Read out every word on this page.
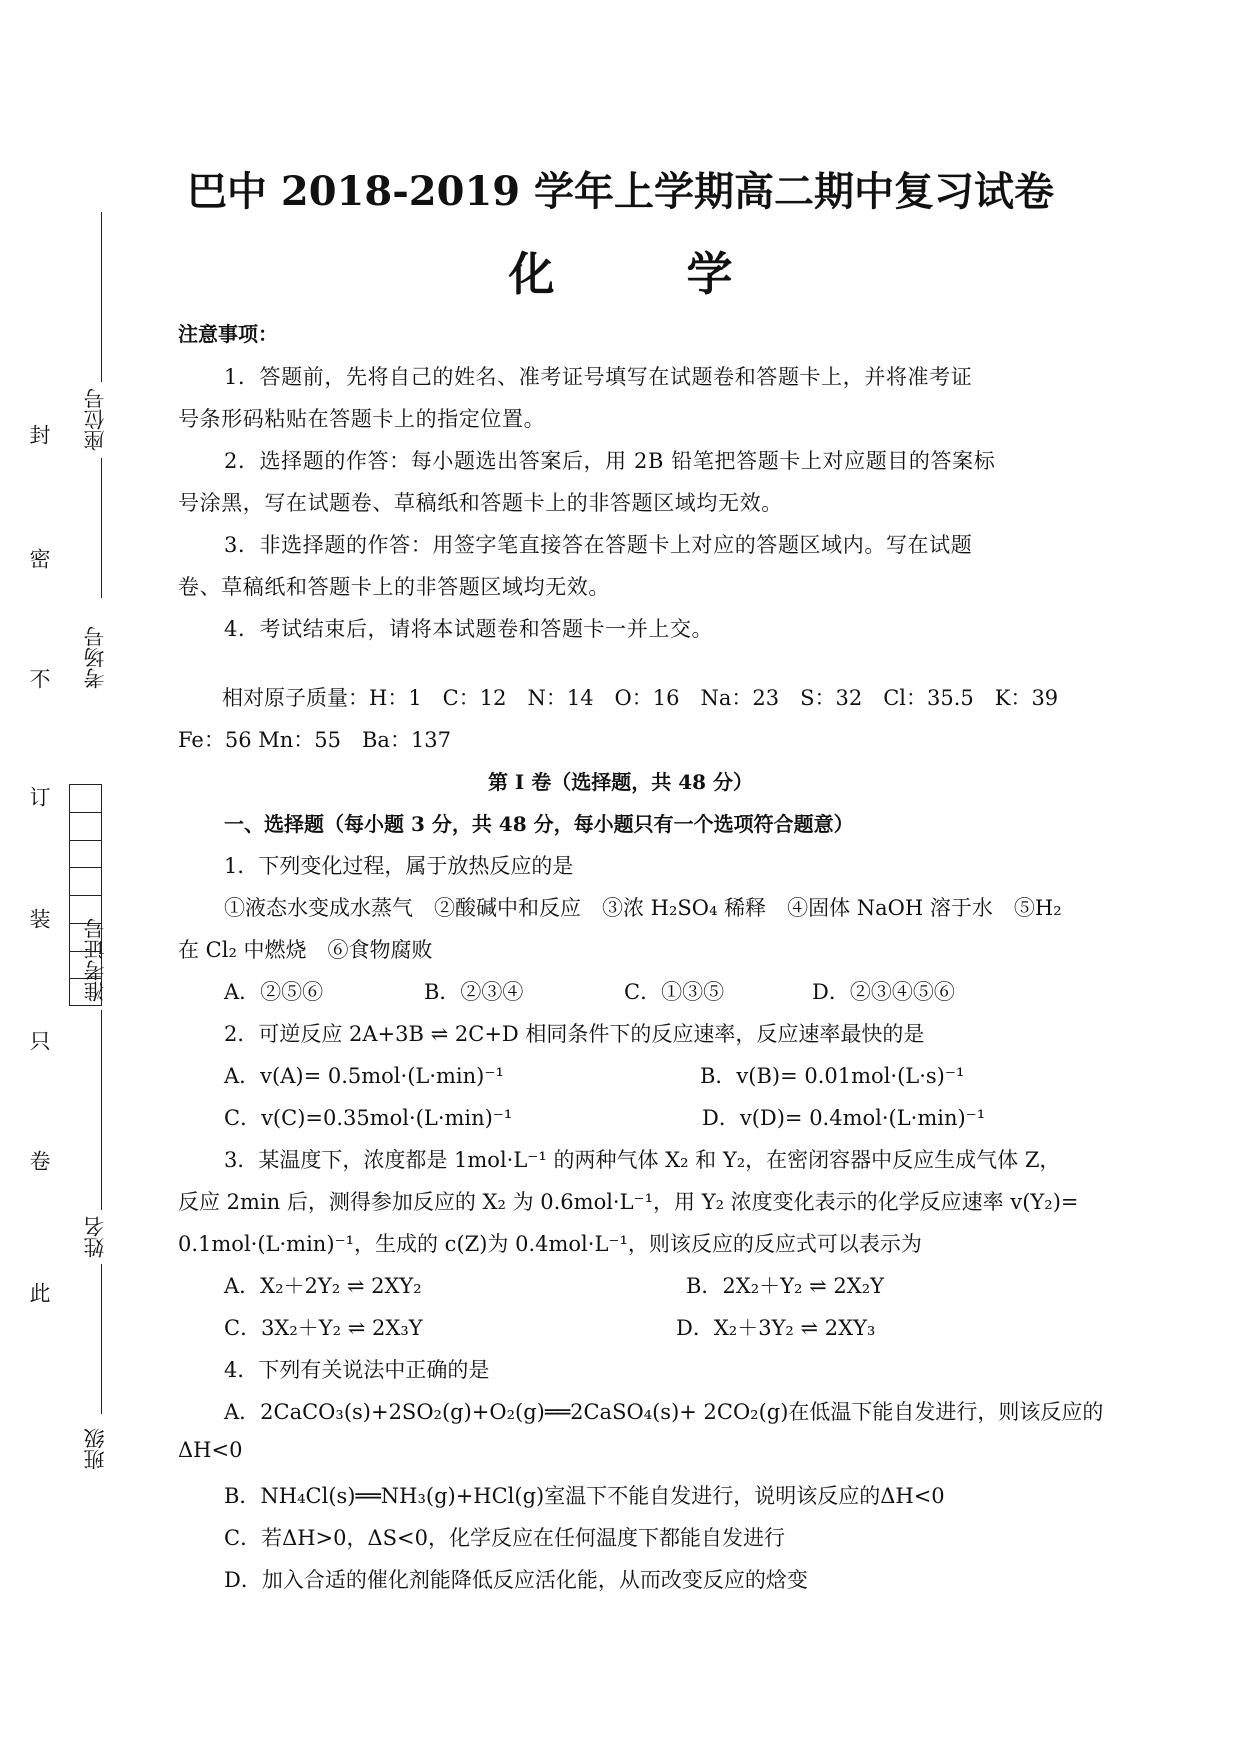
座位号
考场号
准考证号
姓名
班级
封
密
不
订
装
只
卷
此
巴中 2018-2019 学年上学期高二期中复习试卷
化 学
注意事项：
1．答题前，先将自己的姓名、准考证号填写在试题卷和答题卡上，并将准考证
号条形码粘贴在答题卡上的指定位置。
2．选择题的作答：每小题选出答案后，用 2B 铅笔把答题卡上对应题目的答案标
号涂黑，写在试题卷、草稿纸和答题卡上的非答题区域均无效。
3．非选择题的作答：用签字笔直接答在答题卡上对应的答题区域内。写在试题
卷、草稿纸和答题卡上的非答题区域均无效。
4．考试结束后，请将本试题卷和答题卡一并上交。
相对原子质量：H：1　C：12　N：14　O：16　Na：23　S：32　Cl：35.5　K：39
Fe：56 Mn：55　Ba：137
第 I 卷（选择题，共 48 分）
一、选择题（每小题 3 分，共 48 分，每小题只有一个选项符合题意）
1．下列变化过程，属于放热反应的是
①液态水变成水蒸气　②酸碱中和反应　③浓 H₂SO₄ 稀释　④固体 NaOH 溶于水　⑤H₂
在 Cl₂ 中燃烧　⑥食物腐败
A．②⑤⑥	B．②③④	C．①③⑤	D．②③④⑤⑥
2．可逆反应 2A+3B ⇌ 2C+D 相同条件下的反应速率，反应速率最快的是
A．v(A)= 0.5mol·(L·min)⁻¹	B．v(B)= 0.01mol·(L·s)⁻¹
C．v(C)=0.35mol·(L·min)⁻¹	D．v(D)= 0.4mol·(L·min)⁻¹
3．某温度下，浓度都是 1mol·L⁻¹ 的两种气体 X₂ 和 Y₂，在密闭容器中反应生成气体 Z，
反应 2min 后，测得参加反应的 X₂ 为 0.6mol·L⁻¹，用 Y₂ 浓度变化表示的化学反应速率 v(Y₂)=
0.1mol·(L·min)⁻¹，生成的 c(Z)为 0.4mol·L⁻¹，则该反应的反应式可以表示为
A．X₂＋2Y₂ ⇌ 2XY₂	B．2X₂＋Y₂ ⇌ 2X₂Y
C．3X₂＋Y₂ ⇌ 2X₃Y	D．X₂＋3Y₂ ⇌ 2XY₃
4．下列有关说法中正确的是
A．2CaCO₃(s)+2SO₂(g)+O₂(g)══2CaSO₄(s)+ 2CO₂(g)在低温下能自发进行，则该反应的
ΔH<0
B．NH₄Cl(s)══NH₃(g)+HCl(g)室温下不能自发进行，说明该反应的ΔH<0
C．若ΔH>0，ΔS<0，化学反应在任何温度下都能自发进行
D．加入合适的催化剂能降低反应活化能，从而改变反应的焓变
